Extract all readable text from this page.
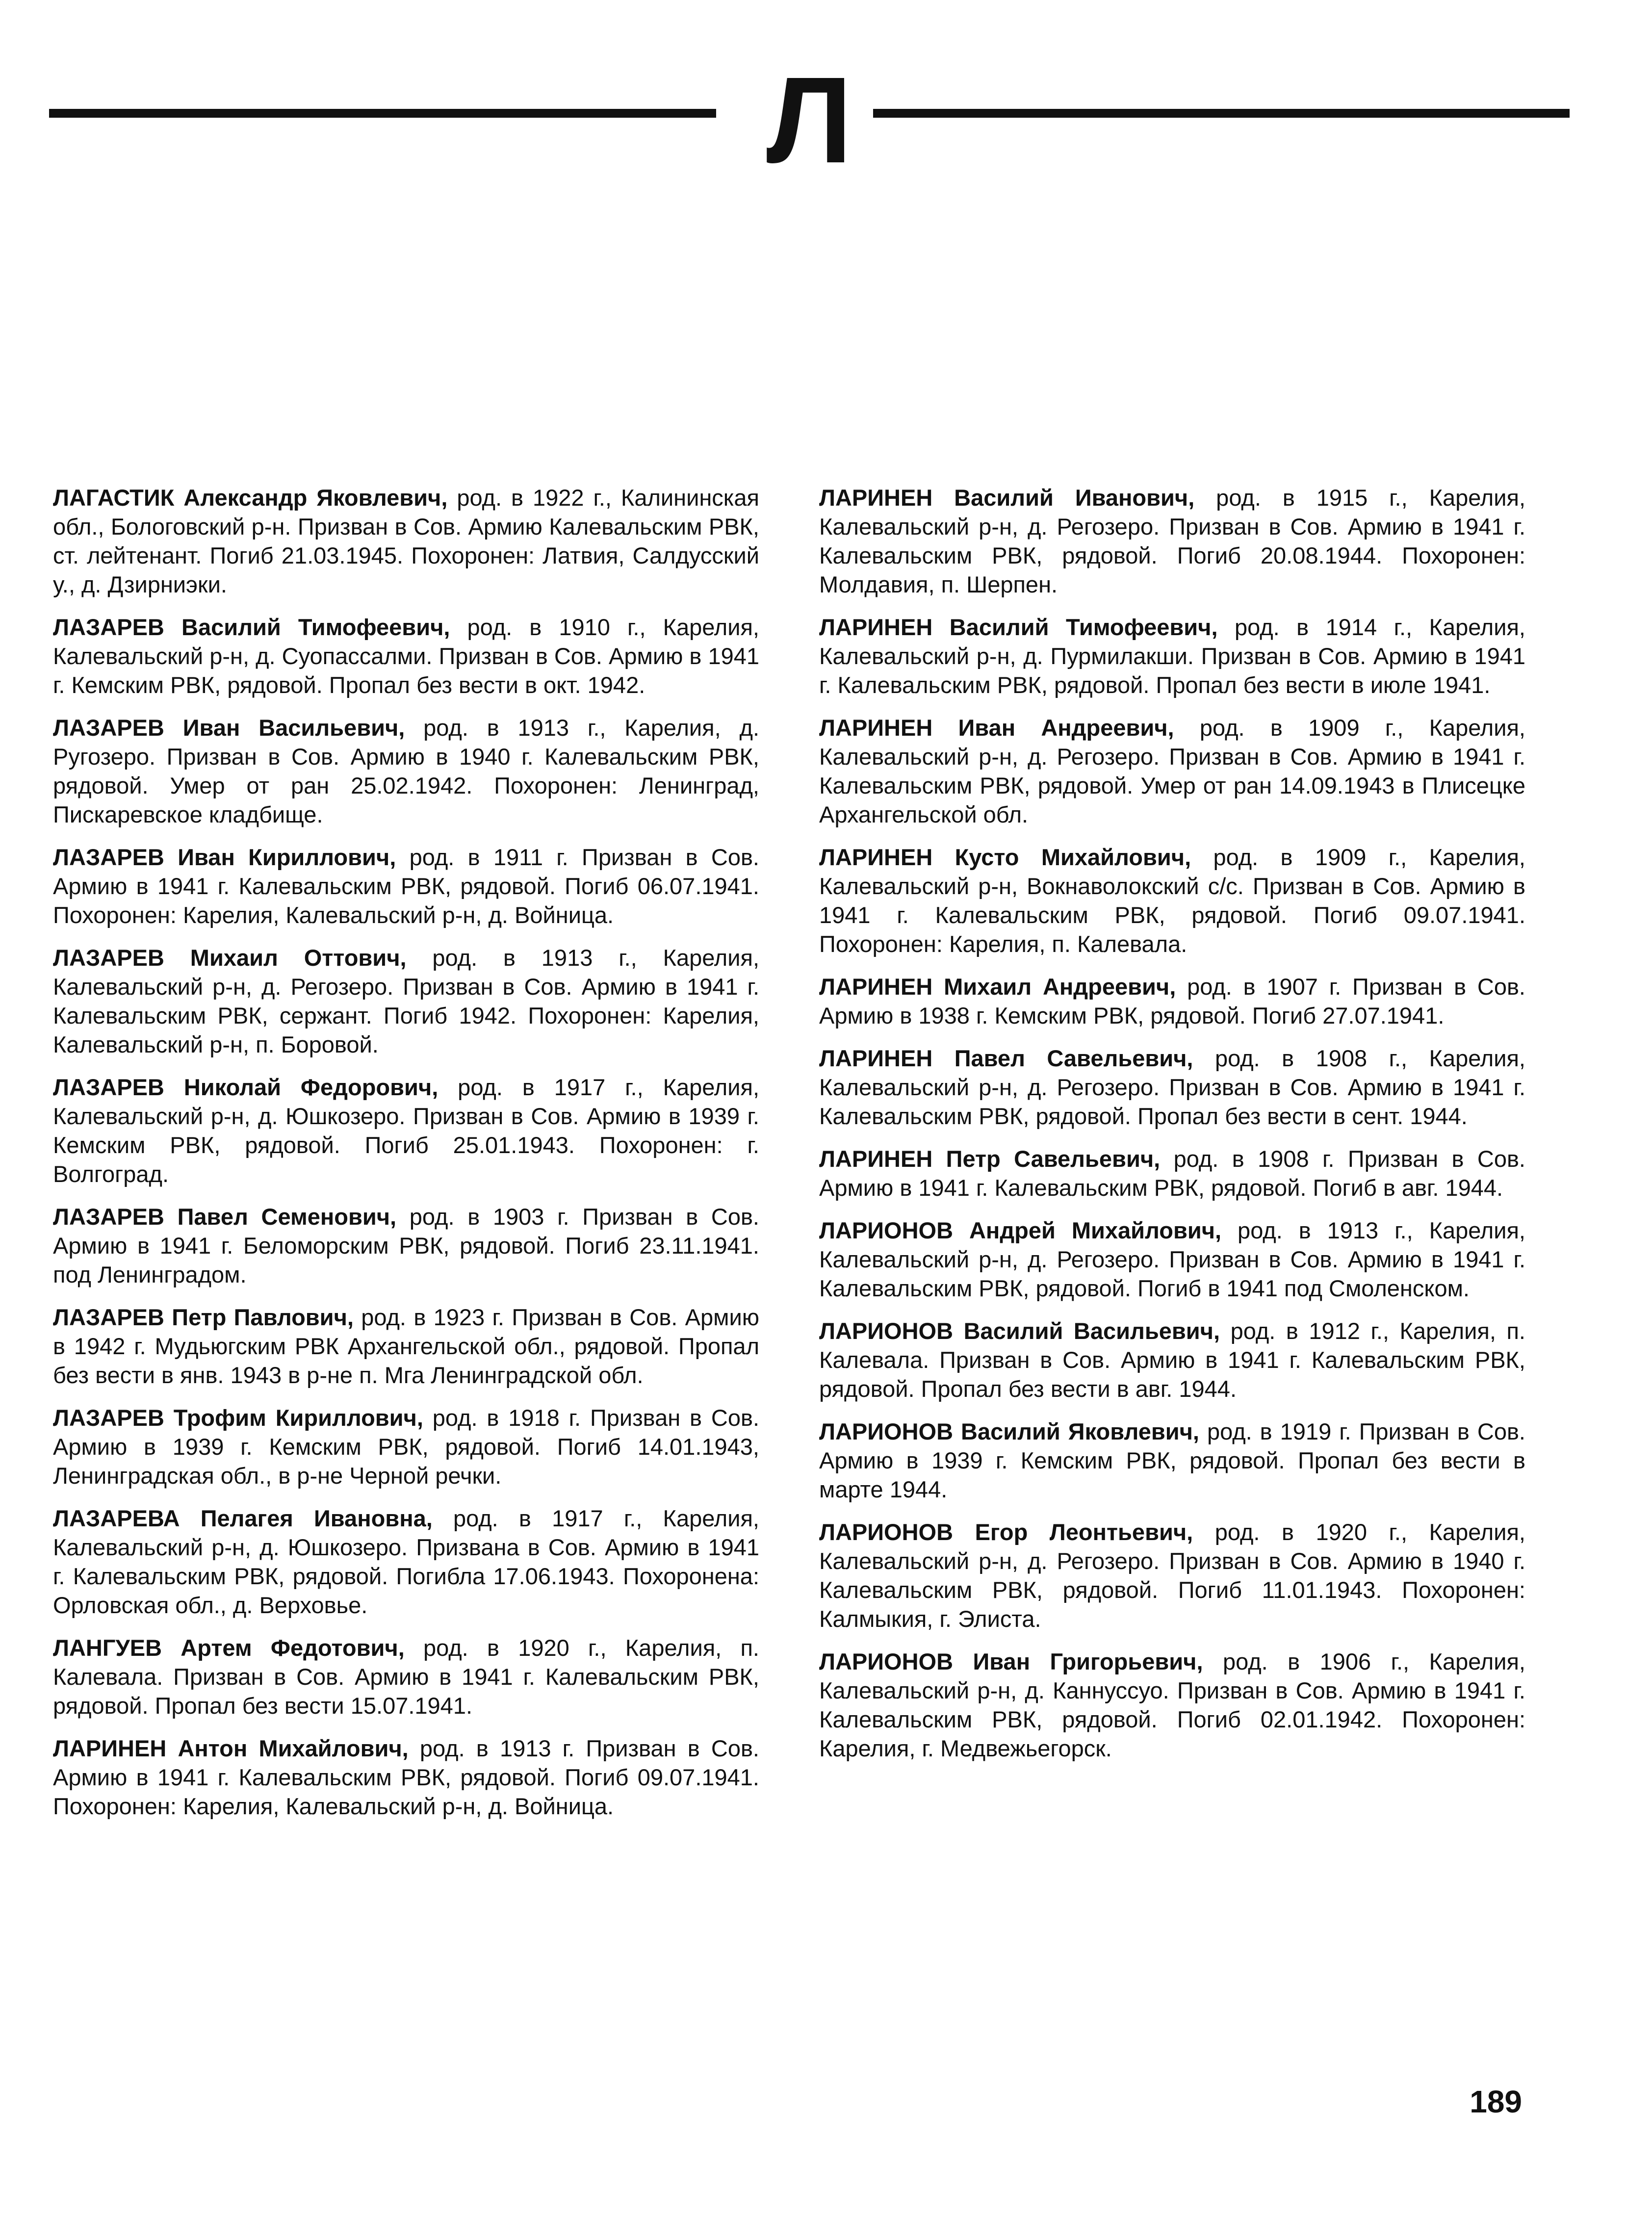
Л

ЛАГАСТИК Александр Яковлевич, род. в 1922 г., Калининская обл., Бологовский р-н. Призван в Сов. Армию Калевальским РВК, ст. лейтенант. Погиб 21.03.1945. Похоронен: Латвия, Салдусский у., д. Дзирниэки.

ЛАЗАРЕВ Василий Тимофеевич, род. в 1910 г., Карелия, Калевальский р-н, д. Суопассалми. Призван в Сов. Армию в 1941 г. Кемским РВК, рядовой. Пропал без вести в окт. 1942.

ЛАЗАРЕВ Иван Васильевич, род. в 1913 г., Карелия, д. Ругозеро. Призван в Сов. Армию в 1940 г. Калевальским РВК, рядовой. Умер от ран 25.02.1942. Похоронен: Ленинград, Пискаревское кладбище.

ЛАЗАРЕВ Иван Кириллович, род. в 1911 г. Призван в Сов. Армию в 1941 г. Калевальским РВК, рядовой. Погиб 06.07.1941. Похоронен: Карелия, Калевальский р-н, д. Войница.

ЛАЗАРЕВ Михаил Оттович, род. в 1913 г., Карелия, Калевальский р-н, д. Регозеро. Призван в Сов. Армию в 1941 г. Калевальским РВК, сержант. Погиб 1942. Похоронен: Карелия, Калевальский р-н, п. Боровой.

ЛАЗАРЕВ Николай Федорович, род. в 1917 г., Карелия, Калевальский р-н, д. Юшкозеро. Призван в Сов. Армию в 1939 г. Кемским РВК, рядовой. Погиб 25.01.1943. Похоронен: г. Волгоград.

ЛАЗАРЕВ Павел Семенович, род. в 1903 г. Призван в Сов. Армию в 1941 г. Беломорским РВК, рядовой. Погиб 23.11.1941. под Ленинградом.

ЛАЗАРЕВ Петр Павлович, род. в 1923 г. Призван в Сов. Армию в 1942 г. Мудьюгским РВК Архангельской обл., рядовой. Пропал без вести в янв. 1943 в р-не п. Мга Ленинградской обл.

ЛАЗАРЕВ Трофим Кириллович, род. в 1918 г. Призван в Сов. Армию в 1939 г. Кемским РВК, рядовой. Погиб 14.01.1943, Ленинградская обл., в р-не Черной речки.

ЛАЗАРЕВА Пелагея Ивановна, род. в 1917 г., Карелия, Калевальский р-н, д. Юшкозеро. Призвана в Сов. Армию в 1941 г. Калевальским РВК, рядовой. Погибла 17.06.1943. Похоронена: Орловская обл., д. Верховье.

ЛАНГУЕВ Артем Федотович, род. в 1920 г., Карелия, п. Калевала. Призван в Сов. Армию в 1941 г. Калевальским РВК, рядовой. Пропал без вести 15.07.1941.

ЛАРИНЕН Антон Михайлович, род. в 1913 г. Призван в Сов. Армию в 1941 г. Калевальским РВК, рядовой. Погиб 09.07.1941. Похоронен: Карелия, Калевальский р-н, д. Войница.

ЛАРИНЕН Василий Иванович, род. в 1915 г., Карелия, Калевальский р-н, д. Регозеро. Призван в Сов. Армию в 1941 г. Калевальским РВК, рядовой. Погиб 20.08.1944. Похоронен: Молдавия, п. Шерпен.

ЛАРИНЕН Василий Тимофеевич, род. в 1914 г., Карелия, Калевальский р-н, д. Пурмилакши. Призван в Сов. Армию в 1941 г. Калевальским РВК, рядовой. Пропал без вести в июле 1941.

ЛАРИНЕН Иван Андреевич, род. в 1909 г., Карелия, Калевальский р-н, д. Регозеро. Призван в Сов. Армию в 1941 г. Калевальским РВК, рядовой. Умер от ран 14.09.1943 в Плисецке Архангельской обл.

ЛАРИНЕН Кусто Михайлович, род. в 1909 г., Карелия, Калевальский р-н, Вокнаволокский с/с. Призван в Сов. Армию в 1941 г. Калевальским РВК, рядовой. Погиб 09.07.1941. Похоронен: Карелия, п. Калевала.

ЛАРИНЕН Михаил Андреевич, род. в 1907 г. Призван в Сов. Армию в 1938 г. Кемским РВК, рядовой. Погиб 27.07.1941.

ЛАРИНЕН Павел Савельевич, род. в 1908 г., Карелия, Калевальский р-н, д. Регозеро. Призван в Сов. Армию в 1941 г. Калевальским РВК, рядовой. Пропал без вести в сент. 1944.

ЛАРИНЕН Петр Савельевич, род. в 1908 г. Призван в Сов. Армию в 1941 г. Калевальским РВК, рядовой. Погиб в авг. 1944.

ЛАРИОНОВ Андрей Михайлович, род. в 1913 г., Карелия, Калевальский р-н, д. Регозеро. Призван в Сов. Армию в 1941 г. Калевальским РВК, рядовой. Погиб в 1941 под Смоленском.

ЛАРИОНОВ Василий Васильевич, род. в 1912 г., Карелия, п. Калевала. Призван в Сов. Армию в 1941 г. Калевальским РВК, рядовой. Пропал без вести в авг. 1944.

ЛАРИОНОВ Василий Яковлевич, род. в 1919 г. Призван в Сов. Армию в 1939 г. Кемским РВК, рядовой. Пропал без вести в марте 1944.

ЛАРИОНОВ Егор Леонтьевич, род. в 1920 г., Карелия, Калевальский р-н, д. Регозеро. Призван в Сов. Армию в 1940 г. Калевальским РВК, рядовой. Погиб 11.01.1943. Похоронен: Калмыкия, г. Элиста.

ЛАРИОНОВ Иван Григорьевич, род. в 1906 г., Карелия, Калевальский р-н, д. Каннуссуо. Призван в Сов. Армию в 1941 г. Калевальским РВК, рядовой. Погиб 02.01.1942. Похоронен: Карелия, г. Медвежьегорск.

189
